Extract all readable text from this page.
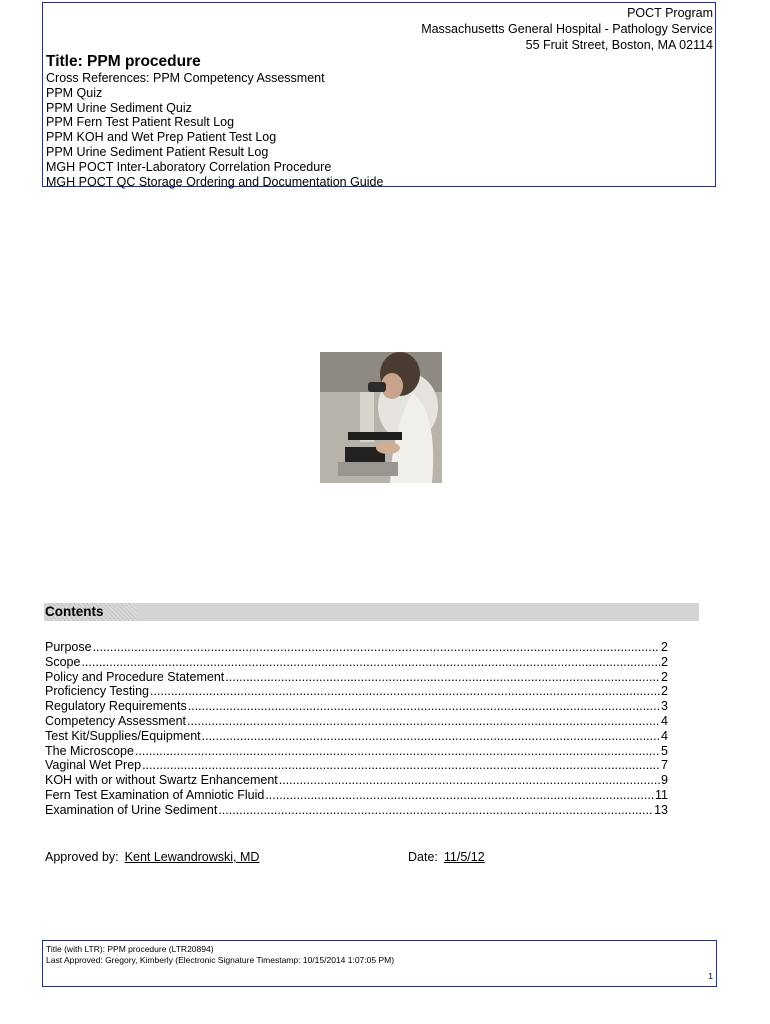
POCT Program
Massachusetts General Hospital - Pathology Service
55 Fruit Street, Boston, MA 02114
Title: PPM procedure
Cross References: PPM Competency Assessment
PPM Quiz
PPM Urine Sediment Quiz
PPM Fern Test Patient Result Log
PPM KOH and Wet Prep Patient Test Log
PPM Urine Sediment Patient Result Log
MGH POCT Inter-Laboratory Correlation Procedure
MGH POCT QC Storage Ordering and Documentation Guide
Contents
Purpose .....	2
Scope .....	2
Policy and Procedure Statement .....	2
Proficiency Testing .....	2
Regulatory Requirements .....	3
Competency Assessment .....	4
Test Kit/Supplies/Equipment .....	4
The Microscope .....	5
Vaginal Wet Prep .....	7
KOH with or without Swartz Enhancement .....	9
Fern Test Examination of Amniotic Fluid .....	11
Examination of Urine Sediment .....	13
Approved by: Kent Lewandrowski, MD	Date: 11/5/12
Title (with LTR): PPM procedure (LTR20894)
Last Approved: Gregory, Kimberly (Electronic Signature Timestamp: 10/15/2014 1:07:05 PM)
1
